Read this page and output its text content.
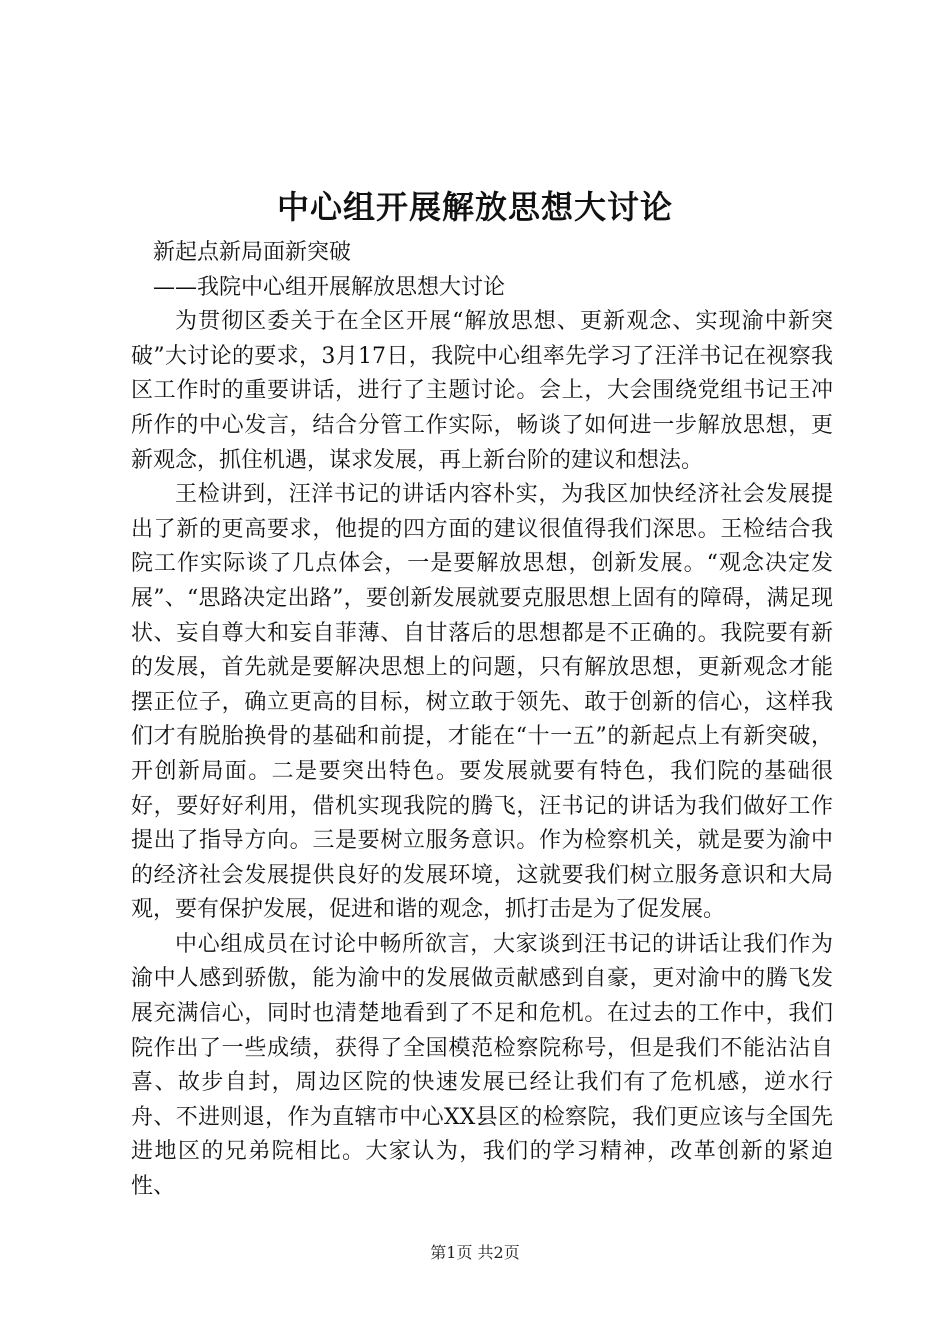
中心组开展解放思想大讨论

新起点新局面新突破

——我院中心组开展解放思想大讨论

为贯彻区委关于在全区开展“解放思想、更新观念、实现渝中新突破”大讨论的要求，3月17日，我院中心组率先学习了汪洋书记在视察我区工作时的重要讲话，进行了主题讨论。会上，大会围绕党组书记王冲所作的中心发言，结合分管工作实际，畅谈了如何进一步解放思想，更新观念，抓住机遇，谋求发展，再上新台阶的建议和想法。

王检讲到，汪洋书记的讲话内容朴实，为我区加快经济社会发展提出了新的更高要求，他提的四方面的建议很值得我们深思。王检结合我院工作实际谈了几点体会，一是要解放思想，创新发展。“观念决定发展”、“思路决定出路”，要创新发展就要克服思想上固有的障碍，满足现状、妄自尊大和妄自菲薄、自甘落后的思想都是不正确的。我院要有新的发展，首先就是要解决思想上的问题，只有解放思想，更新观念才能摆正位子，确立更高的目标，树立敢于领先、敢于创新的信心，这样我们才有脱胎换骨的基础和前提，才能在“十一五”的新起点上有新突破，开创新局面。二是要突出特色。要发展就要有特色，我们院的基础很好，要好好利用，借机实现我院的腾飞，汪书记的讲话为我们做好工作提出了指导方向。三是要树立服务意识。作为检察机关，就是要为渝中的经济社会发展提供良好的发展环境，这就要我们树立服务意识和大局观，要有保护发展，促进和谐的观念，抓打击是为了促发展。

中心组成员在讨论中畅所欲言，大家谈到汪书记的讲话让我们作为渝中人感到骄傲，能为渝中的发展做贡献感到自豪，更对渝中的腾飞发展充满信心，同时也清楚地看到了不足和危机。在过去的工作中，我们院作出了一些成绩，获得了全国模范检察院称号，但是我们不能沾沾自喜、故步自封，周边区院的快速发展已经让我们有了危机感，逆水行舟、不进则退，作为直辖市中心XX县区的检察院，我们更应该与全国先进地区的兄弟院相比。大家认为，我们的学习精神，改革创新的紧迫性、

第1页 共2页
